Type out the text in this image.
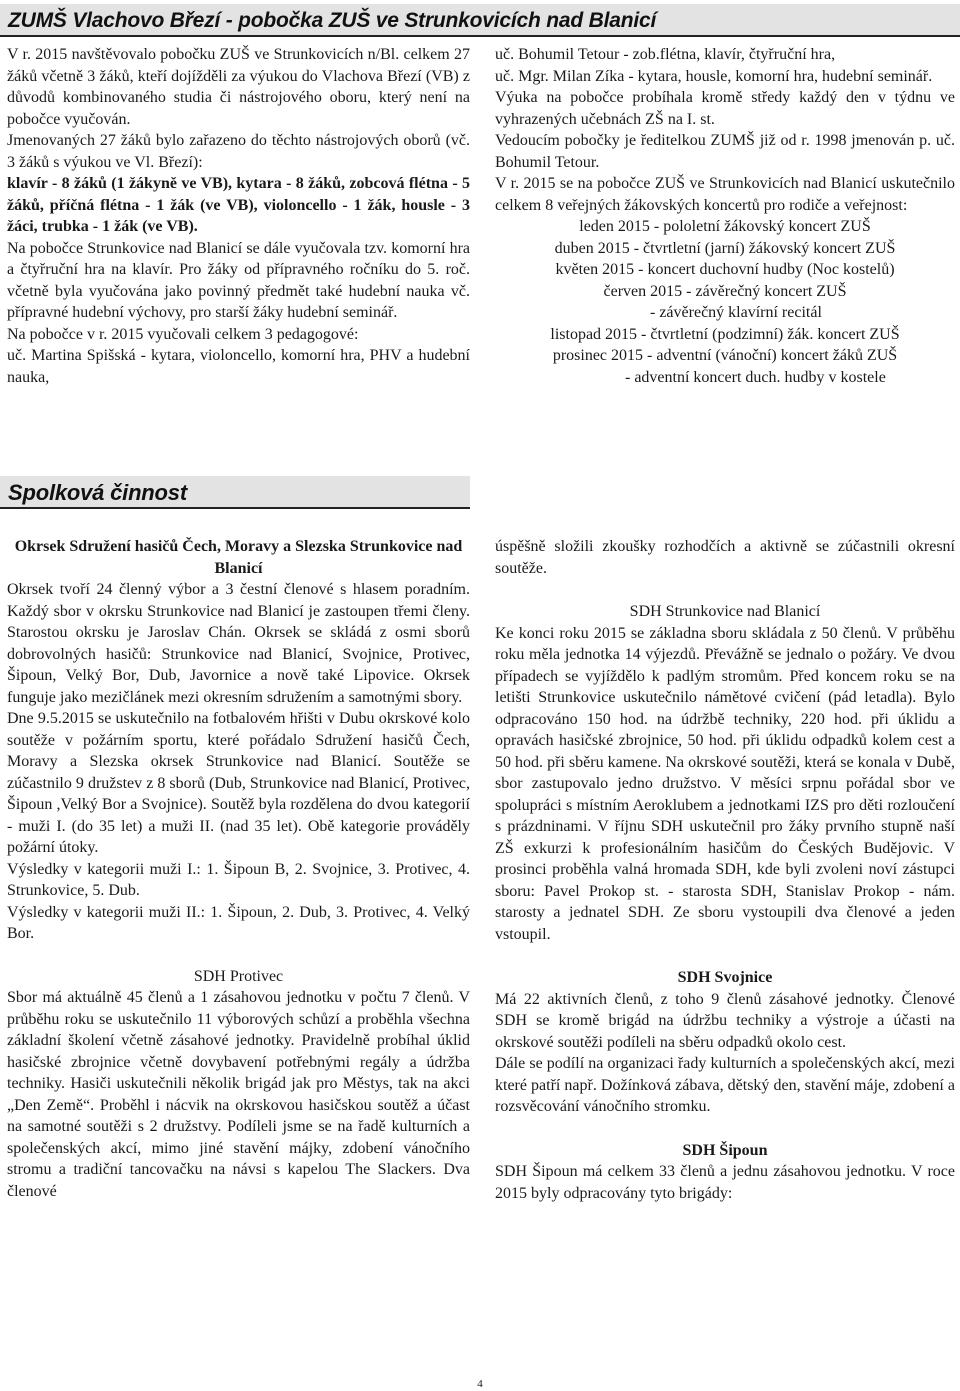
ZUMŠ Vlachovo Březí - pobočka ZUŠ ve Strunkovicích nad Blanicí

V r. 2015 navštěvovalo pobočku ZUŠ ve Strunkovicích n/Bl. celkem 27 žáků včetně 3 žáků, kteří dojížděli za výukou do Vlachova Březí (VB) z důvodů kombinovaného studia či nástrojového oboru, který není na pobočce vyučován.

Jmenovaných 27 žáků bylo zařazeno do těchto nástrojových oborů (vč. 3 žáků s výukou ve Vl. Březí):

klavír - 8 žáků (1 žákyně ve VB), kytara - 8 žáků, zobcová flétna - 5 žáků, příčná flétna - 1 žák (ve VB), violoncello - 1 žák, housle - 3 žáci, trubka - 1 žák (ve VB).

Na pobočce Strunkovice nad Blanicí se dále vyučovala tzv. komorní hra a čtyřruční hra na klavír. Pro žáky od přípravného ročníku do 5. roč. včetně byla vyučována jako povinný předmět také hudební nauka vč. přípravné hudební výchovy, pro starší žáky hudební seminář.

Na pobočce v r. 2015 vyučovali celkem 3 pedagogové:

uč. Martina Spišská - kytara, violoncello, komorní hra, PHV a hudební nauka,

uč. Bohumil Tetour - zob.flétna, klavír, čtyřruční hra,

uč. Mgr. Milan Zíka - kytara, housle, komorní hra, hudební seminář.

Výuka na pobočce probíhala kromě středy každý den v týdnu ve vyhrazených učebnách ZŠ na I. st.

Vedoucím pobočky je ředitelkou ZUMŠ již od r. 1998 jmenován p. uč. Bohumil Tetour.

V r. 2015 se na pobočce ZUŠ ve Strunkovicích nad Blanicí uskutečnilo celkem 8 veřejných žákovských koncertů pro rodiče a veřejnost:

leden 2015 - pololetní žákovský koncert ZUŠ
duben 2015 - čtvrtletní (jarní) žákovský koncert ZUŠ
květen 2015 - koncert duchovní hudby (Noc kostelů)
červen 2015 - závěrečný koncert ZUŠ
- závěrečný klavírní recitál
listopad 2015 - čtvrtletní (podzimní) žák. koncert ZUŠ
prosinec 2015 - adventní (vánoční) koncert žáků ZUŠ
- adventní koncert duch. hudby v kostele
Spolková činnost

Okrsek Sdružení hasičů Čech, Moravy a Slezska Strunkovice nad Blanicí

Okrsek tvoří 24 členný výbor a 3 čestní členové s hlasem poradním. Každý sbor v okrsku Strunkovice nad Blanicí je zastoupen třemi členy. Starostou okrsku je Jaroslav Chán. Okrsek se skládá z osmi sborů dobrovolných hasičů: Strunkovice nad Blanicí, Svojnice, Protivec, Šipoun, Velký Bor, Dub, Javornice a nově také Lipovice. Okrsek funguje jako mezičlánek mezi okresním sdružením a samotnými sbory.

Dne 9.5.2015 se uskutečnilo na fotbalovém hřišti v Dubu okrskové kolo soutěže v požárním sportu, které pořádalo Sdružení hasičů Čech, Moravy a Slezska okrsek Strunkovice nad Blanicí. Soutěže se zúčastnilo 9 družstev z 8 sborů (Dub, Strunkovice nad Blanicí, Protivec, Šipoun ,Velký Bor a Svojnice). Soutěž byla rozdělena do dvou kategorií - muži I. (do 35 let) a muži II. (nad 35 let). Obě kategorie prováděly požární útoky.

Výsledky v kategorii muži I.: 1. Šipoun B, 2. Svojnice, 3. Protivec, 4. Strunkovice, 5. Dub.

Výsledky v kategorii muži II.: 1. Šipoun, 2. Dub, 3. Protivec, 4. Velký Bor.

SDH Protivec

Sbor má aktuálně 45 členů a 1 zásahovou jednotku v počtu 7 členů. V průběhu roku se uskutečnilo 11 výborových schůzí a proběhla všechna základní školení včetně zásahové jednotky. Pravidelně probíhal úklid hasičské zbrojnice včetně dovybavení potřebnými regály a údržba techniky. Hasiči uskutečnili několik brigád jak pro Městys, tak na akci „Den Země“. Proběhl i nácvik na okrskovou hasičskou soutěž a účast na samotné soutěži s 2 družstvy. Podíleli jsme se na řadě kulturních a společenských akcí, mimo jiné stavění májky, zdobení vánočního stromu a tradiční tancovačku na návsi s kapelou The Slackers. Dva členové

úspěšně složili zkoušky rozhodčích a aktivně se zúčastnili okresní soutěže.

SDH Strunkovice nad Blanicí

Ke konci roku 2015 se základna sboru skládala z 50 členů. V průběhu roku měla jednotka 14 výjezdů. Převážně se jednalo o požáry. Ve dvou případech se vyjíždělo k padlým stromům. Před koncem roku se na letišti Strunkovice uskutečnilo námětové cvičení (pád letadla). Bylo odpracováno 150 hod. na údržbě techniky, 220 hod. při úklidu a opravách hasičské zbrojnice, 50 hod. při úklidu odpadků kolem cest a 50 hod. při sběru kamene. Na okrskové soutěži, která se konala v Dubě, sbor zastupovalo jedno družstvo. V měsíci srpnu pořádal sbor ve spolupráci s místním Aeroklubem a jednotkami IZS pro děti rozloučení s prázdninami. V říjnu SDH uskutečnil pro žáky prvního stupně naší ZŠ exkurzi k profesionálním hasičům do Českých Budějovic. V prosinci proběhla valná hromada SDH, kde byli zvoleni noví zástupci sboru: Pavel Prokop st. - starosta SDH, Stanislav Prokop - nám. starosty a jednatel SDH. Ze sboru vystoupili dva členové a jeden vstoupil.

SDH Svojnice

Má 22 aktivních členů, z toho 9 členů zásahové jednotky. Členové SDH se kromě brigád na údržbu techniky a výstroje a účasti na okrskové soutěži podíleli na sběru odpadků okolo cest.

Dále se podílí na organizaci řady kulturních a společenských akcí, mezi které patří např. Dožínková zábava, dětský den, stavění máje, zdobení a rozsvěcování vánočního stromku.

SDH Šipoun

SDH Šipoun má celkem 33 členů a jednu zásahovou jednotku. V roce 2015 byly odpracovány tyto brigády:

4
